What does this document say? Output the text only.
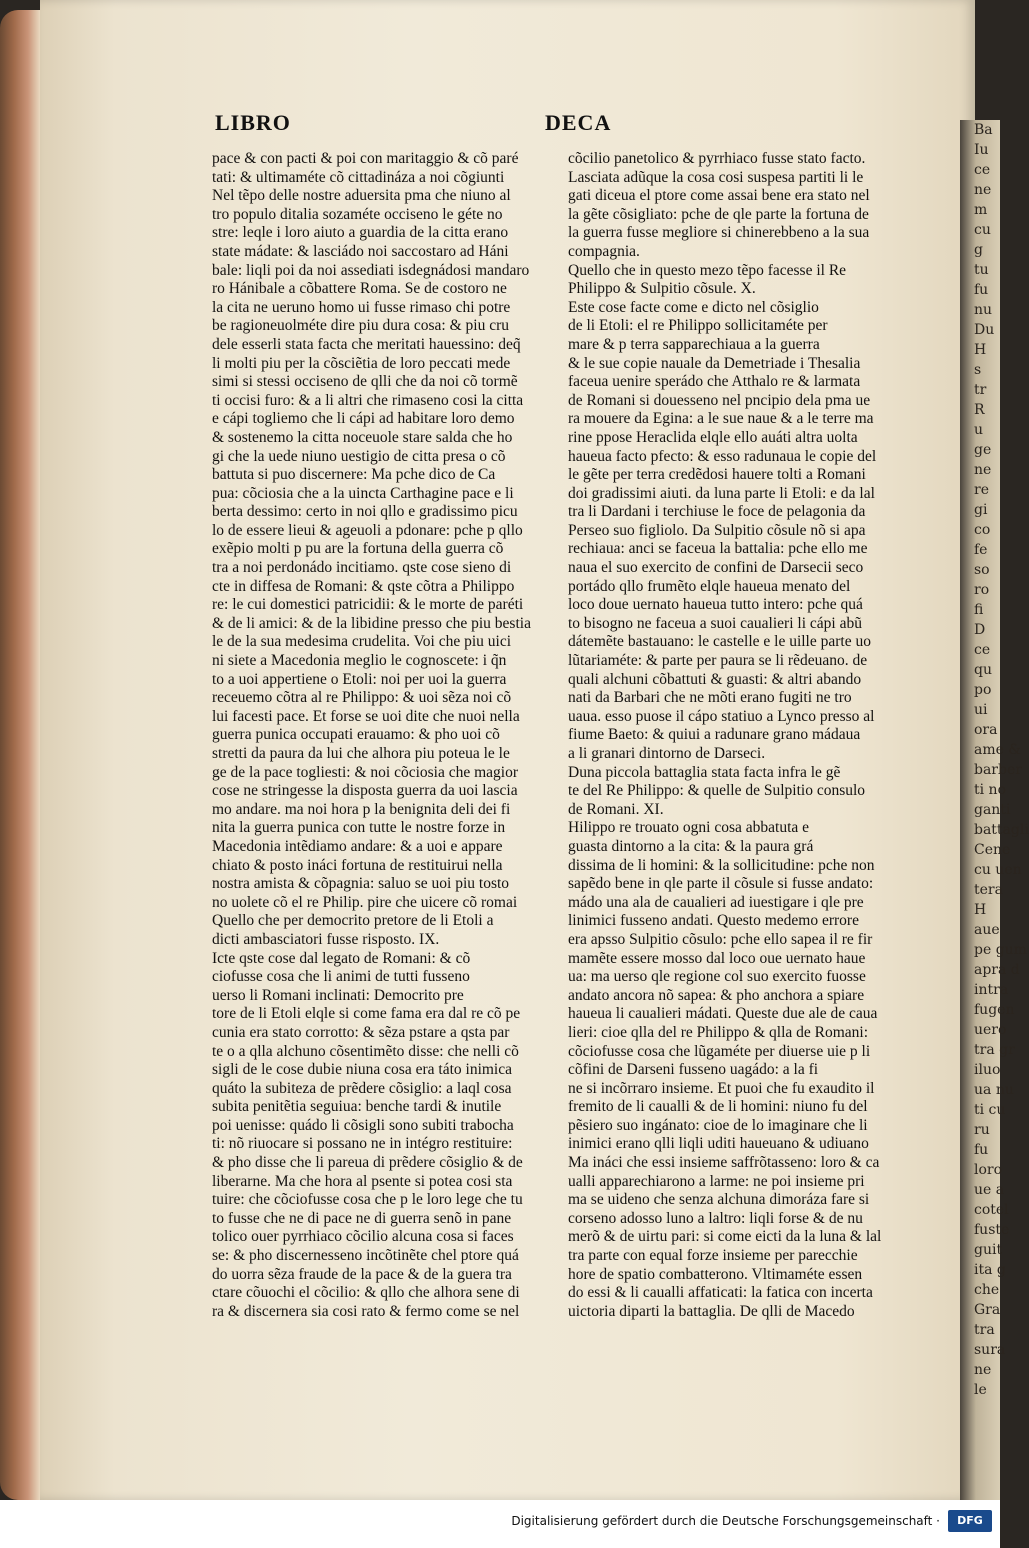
Ba
Iu
ce
ne
m
cu
g
tu
fu
nu
Du
H
s
tr
R
u
ge
ne
re
gi
co
fe
so
ro
fi
D
ce
qu
po
ui
ora
ame &
barber
ti no
ganti
battagli
Cene
cu uen
tera
H
aue
pe gum
apra d
intra
fugen
uero
tra gr
iluo
ua nu
ti cu
ru
fu
loro
ue a
cotel
fuste
guit
ita g
che
Gra
tra
sura
ne
le
LIBRO	DECA
pace & con pacti & poi con maritaggio & cõ paré
tati: & ultimaméte cõ cittadináza a noi cõgiunti
Nel tẽpo delle nostre aduersita pma che niuno al
tro populo ditalia sozaméte occiseno le géte no
stre: leqle i loro aiuto a guardia de la citta erano
state mádate: & lasciádo noi saccostaro ad Háni
bale: liqli poi da noi assediati isdegnádosi mandaro
ro Hánibale a cõbattere Roma. Se de costoro ne
la cita ne ueruno homo ui fusse rimaso chi potre
be ragioneuolméte dire piu dura cosa: & piu cru
dele esserli stata facta che meritati hauessino: deq̃
li molti piu per la cõsciẽtia de loro peccati mede
simi si stessi occiseno de qlli che da noi cõ tormẽ
ti occisi furo: & a li altri che rimaseno cosi la citta
e cápi togliemo che li cápi ad habitare loro demo
& sostenemo la citta noceuole stare salda che ho
gi che la uede niuno uestigio de citta presa o cõ
battuta si puo discernere: Ma pche dico de Ca
pua: cõciosia che a la uincta Carthagine pace e li
berta dessimo: certo in noi qllo e gradissimo picu
lo de essere lieui & ageuoli a pdonare: pche p qllo
exẽpio molti p pu are la fortuna della guerra cõ
tra a noi perdonádo incitiamo. qste cose sieno di
cte in diffesa de Romani: & qste cõtra a Philippo
re: le cui domestici patricidii: & le morte de paréti
& de li amici: & de la libidine presso che piu bestia
le de la sua medesima crudelita. Voi che piu uici
ni siete a Macedonia meglio le cognoscete: i q̃n
to a uoi appertiene o Etoli: noi per uoi la guerra
receuemo cõtra al re Philippo: & uoi sẽza noi cõ
lui facesti pace. Et forse se uoi dite che nuoi nella
guerra punica occupati erauamo: & pho uoi cõ
stretti da paura da lui che alhora piu poteua le le
ge de la pace togliesti: & noi cõciosia che magior
cose ne stringesse la disposta guerra da uoi lascia
mo andare. ma noi hora p la benignita deli dei fi
nita la guerra punica con tutte le nostre forze in
Macedonia intẽdiamo andare: & a uoi e appare
chiato & posto ináci fortuna de restituirui nella
nostra amista & cõpagnia: saluo se uoi piu tosto
no uolete cõ el re Philip. pire che uicere cõ romai
Quello che per democrito pretore de li Etoli a
dicti ambasciatori fusse risposto. IX.
Icte qste cose dal legato de Romani: & cõ
ciofusse cosa che li animi de tutti fusseno
uerso li Romani inclinati: Democrito pre
tore de li Etoli elqle si come fama era dal re cõ pe
cunia era stato corrotto: & sẽza pstare a qsta par
te o a qlla alchuno cõsentimẽto disse: che nelli cõ
sigli de le cose dubie niuna cosa era táto inimica
quáto la subiteza de prẽdere cõsiglio: a laql cosa
subita penitẽtia seguiua: benche tardi & inutile
poi uenisse: quádo li cõsigli sono subiti trabocha
ti: nõ riuocare si possano ne in intégro restituire:
& pho disse che li pareua di prẽdere cõsiglio & de
liberarne. Ma che hora al psente si potea cosi sta
tuire: che cõciofusse cosa che p le loro lege che tu
to fusse che ne di pace ne di guerra senõ in pane
tolico ouer pyrrhiaco cõcilio alcuna cosa si faces
se: & pho discernesseno incõtinẽte chel ptore quá
do uorra sẽza fraude de la pace & de la guera tra
ctare cõuochi el cõcilio: & qllo che alhora sene di
ra & discernera sia cosi rato & fermo come se nel
cõcilio panetolico & pyrrhiaco fusse stato facto.
Lasciata adũque la cosa cosi suspesa partiti li le
gati diceua el ptore come assai bene era stato nel
la gẽte cõsigliato: pche de qle parte la fortuna de
la guerra fusse megliore si chinerebbeno a la sua
compagnia.
Quello che in questo mezo tẽpo facesse il Re
Philippo & Sulpitio cõsule. X.
Este cose facte come e dicto nel cõsiglio
de li Etoli: el re Philippo sollicitaméte per
mare & p terra sapparechiaua a la guerra
& le sue copie nauale da Demetriade i Thesalia
faceua uenire sperádo che Atthalo re & larmata
de Romani si douesseno nel pncipio dela pma ue
ra mouere da Egina: a le sue naue & a le terre ma
rine ppose Heraclida elqle ello auáti altra uolta
haueua facto pfecto: & esso radunaua le copie del
le gẽte per terra credẽdosi hauere tolti a Romani
doi gradissimi aiuti. da luna parte li Etoli: e da lal
tra li Dardani i terchiuse le foce de pelagonia da
Perseo suo figliolo. Da Sulpitio cõsule nõ si apa
rechiaua: anci se faceua la battalia: pche ello me
naua el suo exercito de confini de Darsecii seco
portádo qllo frumẽto elqle haueua menato del
loco doue uernato haueua tutto intero: pche quá
to bisogno ne faceua a suoi caualieri li cápi abũ
dátemẽte bastauano: le castelle e le uille parte uo
lũtariaméte: & parte per paura se li rẽdeuano. de
quali alchuni cõbattuti & guasti: & altri abando
nati da Barbari che ne mõti erano fugiti ne tro
uaua. esso puose il cápo statiuo a Lynco presso al
fiume Baeto: & quiui a radunare grano mádaua
a li granari dintorno de Darseci.
Duna piccola battaglia stata facta infra le gẽ
te del Re Philippo: & quelle de Sulpitio consulo
de Romani. XI.
Hilippo re trouato ogni cosa abbatuta e
guasta dintorno a la cita: & la paura grá
dissima de li homini: & la sollicitudine: pche non
sapẽdo bene in qle parte il cõsule si fusse andato:
mádo una ala de caualieri ad iuestigare i qle pre
linimici fusseno andati. Questo medemo errore
era apsso Sulpitio cõsulo: pche ello sapea il re fir
mamẽte essere mosso dal loco oue uernato haue
ua: ma uerso qle regione col suo exercito fuosse
andato ancora nõ sapea: & pho anchora a spiare
haueua li caualieri mádati. Queste due ale de caua
lieri: cioe qlla del re Philippo & qlla de Romani:
cõciofusse cosa che lũgaméte per diuerse uie p li
cõfini de Darseni fusseno uagádo: a la fi
ne si incõrraro insieme. Et puoi che fu exaudito il
fremito de li caualli & de li homini: niuno fu del
pẽsiero suo ingánato: cioe de lo imaginare che li
inimici erano qlli liqli uditi haueuano & udiuano
Ma ináci che essi insieme saffrõtasseno: loro & ca
ualli apparechiarono a larme: ne poi insieme pri
ma se uideno che senza alchuna dimoráza fare si
corseno adosso luno a laltro: liqli forse & de nu
merõ & de uirtu pari: si come eicti da la luna & lal
tra parte con equal forze insieme per parecchie
hore de spatio combatterono. Vltimaméte essen
do essi & li caualli affaticati: la fatica con incerta
uictoria diparti la battaglia. De qlli de Macedo
Digitalisierung gefördert durch die Deutsche Forschungsgemeinschaft ·	DFG
